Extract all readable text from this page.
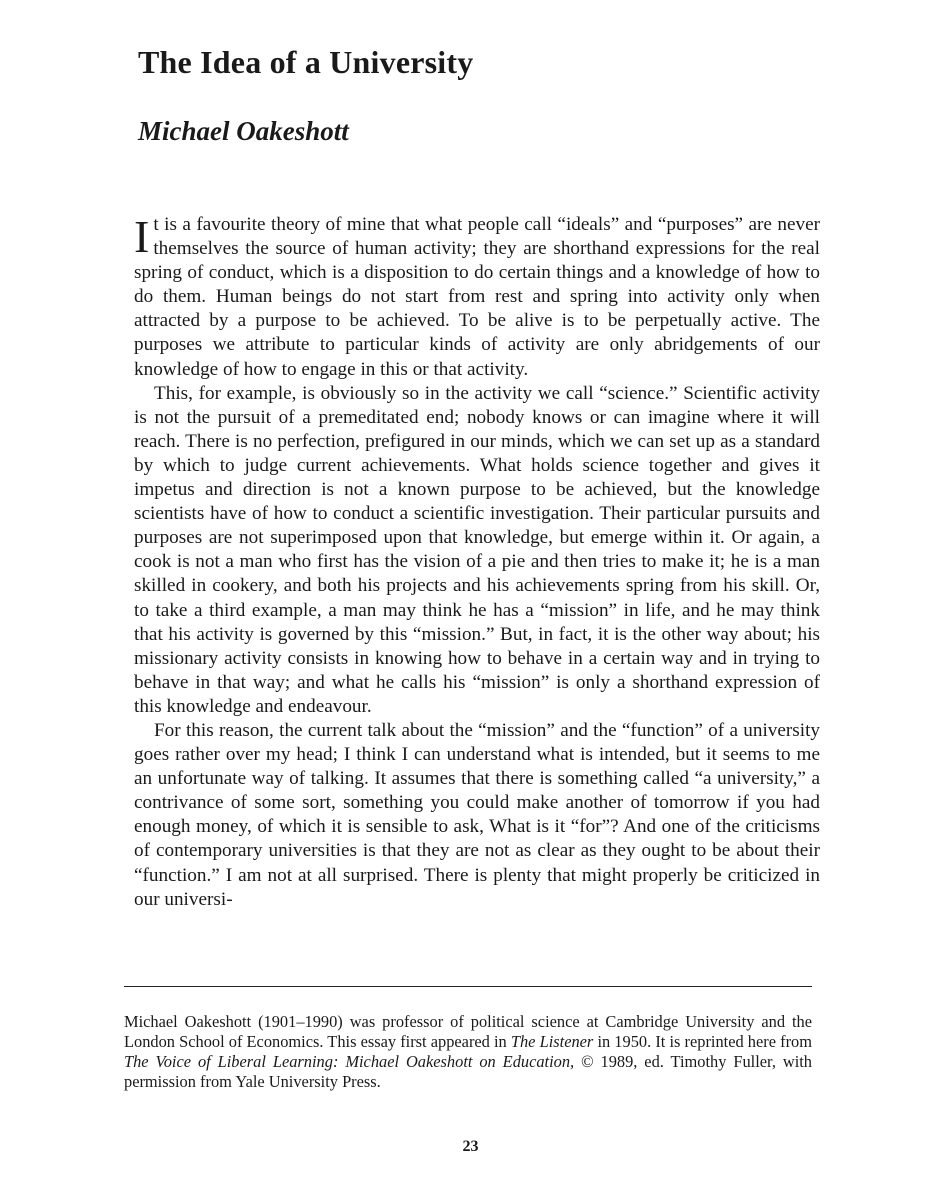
The Idea of a University
Michael Oakeshott

It is a favourite theory of mine that what people call “ideals” and “purposes” are never themselves the source of human activity; they are shorthand expressions for the real spring of conduct, which is a disposition to do certain things and a knowledge of how to do them. Human beings do not start from rest and spring into activity only when attracted by a purpose to be achieved. To be alive is to be perpetually active. The purposes we attribute to particular kinds of activity are only abridgements of our knowledge of how to engage in this or that activity.

This, for example, is obviously so in the activity we call “science.” Scientific activity is not the pursuit of a premeditated end; nobody knows or can imagine where it will reach. There is no perfection, prefigured in our minds, which we can set up as a standard by which to judge current achievements. What holds science together and gives it impetus and direction is not a known purpose to be achieved, but the knowledge scientists have of how to conduct a scientific investigation. Their particular pursuits and purposes are not superimposed upon that knowledge, but emerge within it. Or again, a cook is not a man who first has the vision of a pie and then tries to make it; he is a man skilled in cookery, and both his projects and his achievements spring from his skill. Or, to take a third example, a man may think he has a “mission” in life, and he may think that his activity is governed by this “mission.” But, in fact, it is the other way about; his missionary activity consists in knowing how to behave in a certain way and in trying to behave in that way; and what he calls his “mission” is only a shorthand expression of this knowledge and endeavour.

For this reason, the current talk about the “mission” and the “function” of a university goes rather over my head; I think I can understand what is intended, but it seems to me an unfortunate way of talking. It assumes that there is something called “a university,” a contrivance of some sort, something you could make another of tomorrow if you had enough money, of which it is sensible to ask, What is it “for”? And one of the criticisms of contemporary universities is that they are not as clear as they ought to be about their “function.” I am not at all surprised. There is plenty that might properly be criticized in our universi-

Michael Oakeshott (1901–1990) was professor of political science at Cambridge University and the London School of Economics. This essay first appeared in The Listener in 1950. It is reprinted here from The Voice of Liberal Learning: Michael Oakeshott on Education, © 1989, ed. Timothy Fuller, with permission from Yale University Press.
23
